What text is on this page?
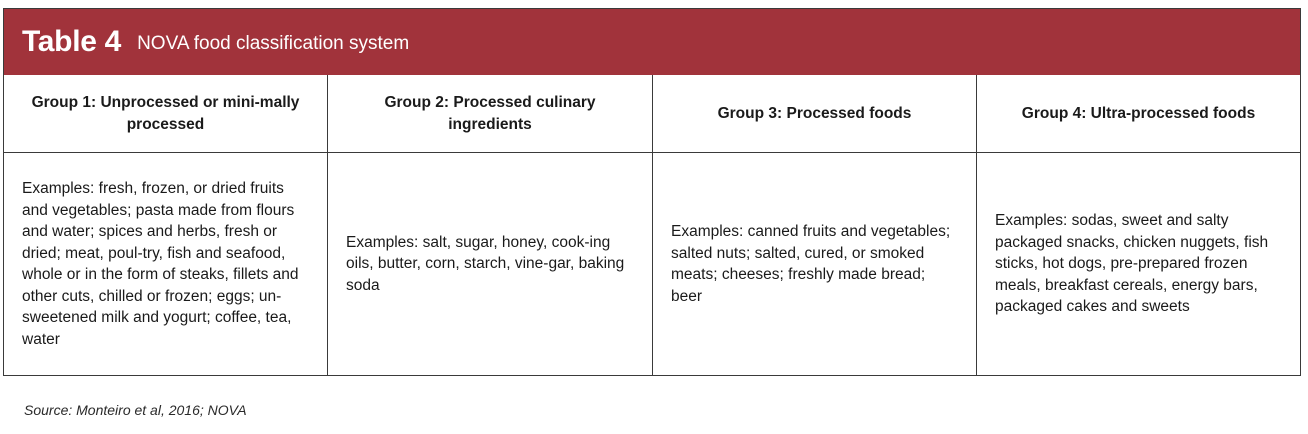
Table 4 NOVA food classification system
Group 1: Unprocessed or mini-mally processed
Group 2: Processed culinary ingredients
Group 3: Processed foods	Group 4: Ultra-processed foods
Examples: fresh, frozen, or dried fruits and vegetables; pasta made from flours and water; spices and herbs, fresh or dried; meat, poul-try, fish and seafood, whole or in the form of steaks, fillets and other cuts, chilled or frozen; eggs; un-sweetened milk and yogurt; coffee, tea, water
Examples: salt, sugar, honey, cook-ing oils, butter, corn, starch, vine-gar, baking soda
Examples: canned fruits and vegetables; salted nuts; salted, cured, or smoked meats; cheeses; freshly made bread; beer
Examples: sodas, sweet and salty packaged snacks, chicken nuggets, fish sticks, hot dogs, pre-prepared frozen meals, breakfast cereals, energy bars, packaged cakes and sweets
Source: Monteiro et al, 2016; NOVA
